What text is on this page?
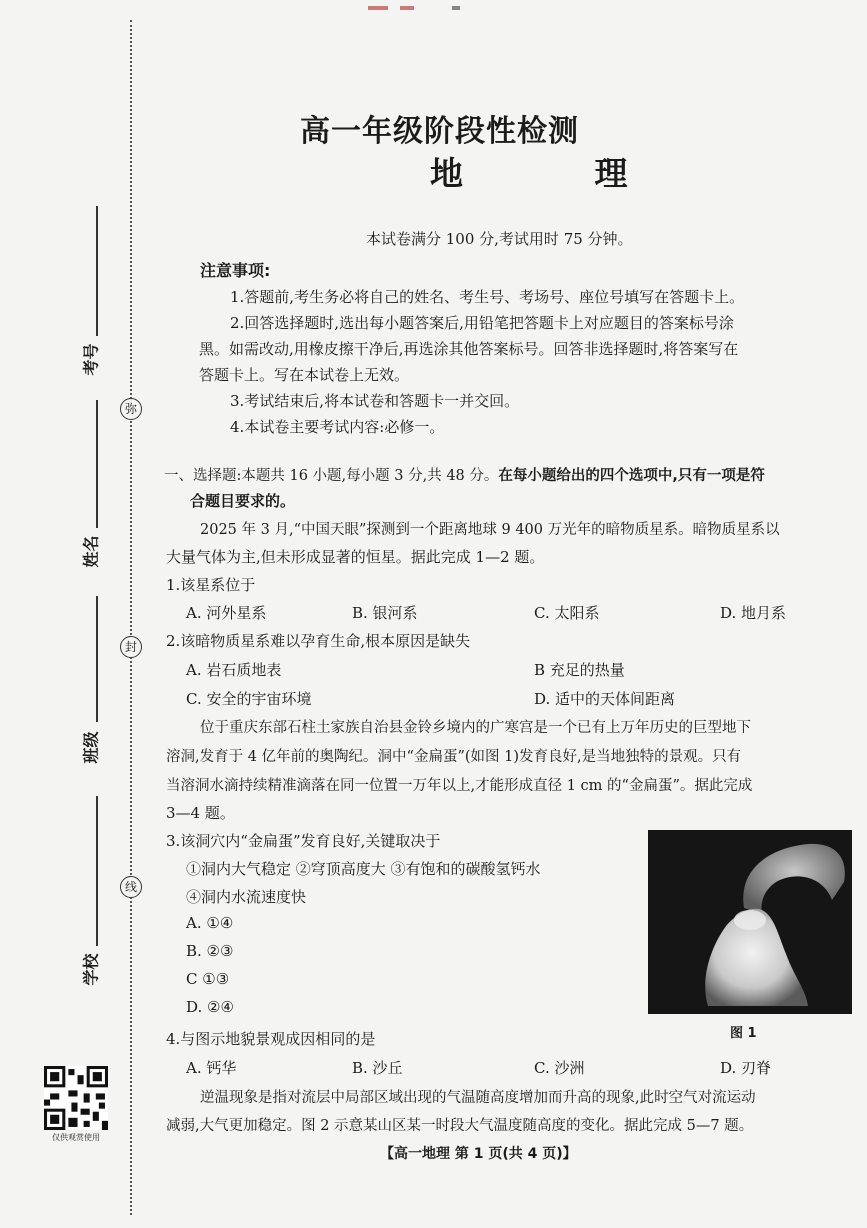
弥
封
线
考号
姓名
班级
学校
仅供观赏使用
高一年级阶段性检测
地 理
本试卷满分 100 分,考试用时 75 分钟。
注意事项:
1.答题前,考生务必将自己的姓名、考生号、考场号、座位号填写在答题卡上。
2.回答选择题时,选出每小题答案后,用铅笔把答题卡上对应题目的答案标号涂
黑。如需改动,用橡皮擦干净后,再选涂其他答案标号。回答非选择题时,将答案写在
答题卡上。写在本试卷上无效。
3.考试结束后,将本试卷和答题卡一并交回。
4.本试卷主要考试内容:必修一。
一、选择题:本题共 16 小题,每小题 3 分,共 48 分。在每小题给出的四个选项中,只有一项是符
合题目要求的。
2025 年 3 月,“中国天眼”探测到一个距离地球 9 400 万光年的暗物质星系。暗物质星系以
大量气体为主,但未形成显著的恒星。据此完成 1—2 题。
1.该星系位于
A. 河外星系	B. 银河系	C. 太阳系	D. 地月系
2.该暗物质星系难以孕育生命,根本原因是缺失
A. 岩石质地表	B 充足的热量
C. 安全的宇宙环境	D. 适中的天体间距离
位于重庆东部石柱土家族自治县金铃乡境内的广寒宫是一个已有上万年历史的巨型地下
溶洞,发育于 4 亿年前的奥陶纪。洞中“金扁蛋”(如图 1)发育良好,是当地独特的景观。只有
当溶洞水滴持续精准滴落在同一位置一万年以上,才能形成直径 1 cm 的“金扁蛋”。据此完成
3—4 题。
3.该洞穴内“金扁蛋”发育良好,关键取决于
①洞内大气稳定 ②穹顶高度大 ③有饱和的碳酸氢钙水
④洞内水流速度快
A. ①④
B. ②③
C ①③
D. ②④
图 1
4.与图示地貌景观成因相同的是
A. 钙华	B. 沙丘	C. 沙洲	D. 刃脊
逆温现象是指对流层中局部区域出现的气温随高度增加而升高的现象,此时空气对流运动
减弱,大气更加稳定。图 2 示意某山区某一时段大气温度随高度的变化。据此完成 5—7 题。
【高一地理 第 1 页(共 4 页)】
